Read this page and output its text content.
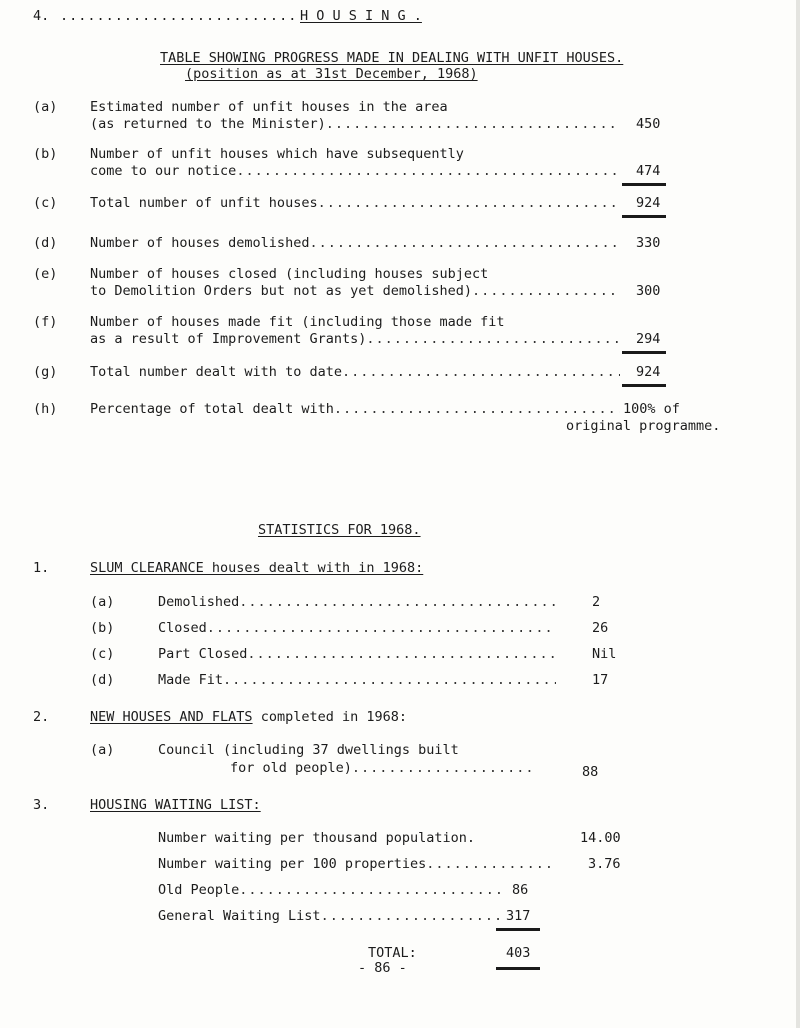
4. .....	H O U S I N G .
TABLE SHOWING PROGRESS MADE IN DEALING WITH UNFIT HOUSES.
(position as at 31st December, 1968)
(a) Estimated number of unfit houses in the area
(as returned to the Minister) .....	450
(b) Number of unfit houses which have subsequently
come to our notice .....	474
(c) Total number of unfit houses .....	924
(d) Number of houses demolished .....	330
(e) Number of houses closed (including houses subject
to Demolition Orders but not as yet demolished) .....	300
(f) Number of houses made fit (including those made fit
as a result of Improvement Grants) .....	294
(g) Total number dealt with to date .....	924
(h) Percentage of total dealt with .....	100% of
original programme.
STATISTICS FOR 1968.
1.	SLUM CLEARANCE houses dealt with in 1968:
(a)	Demolished .....	2
(b)	Closed .....	26
(c)	Part Closed .....	Nil
(d)	Made Fit .....	17
2.	NEW HOUSES AND FLATS completed in 1968:
(a)	Council (including 37 dwellings built
for old people) .....	88
3.	HOUSING WAITING LIST:
Number waiting per thousand population.	14.00
Number waiting per 100 properties .....	3.76
Old People .....	86
General Waiting List .....	317
TOTAL:	403
- 86 -
